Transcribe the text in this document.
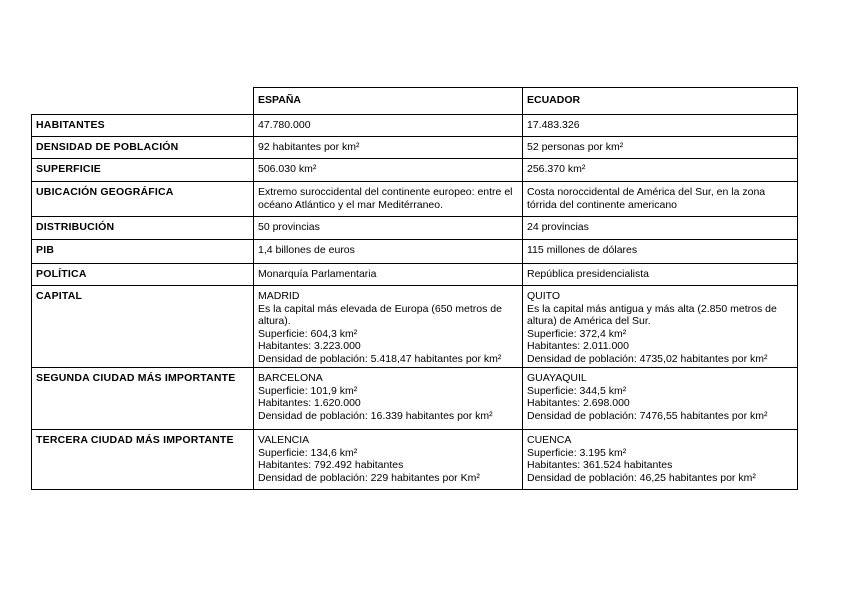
	ESPAÑA	ECUADOR
HABITANTES	47.780.000	17.483.326
DENSIDAD DE POBLACIÓN	92 habitantes por km²	52 personas por km²
SUPERFICIE	506.030 km²	256.370 km²
UBICACIÓN GEOGRÁFICA	Extremo suroccidental del continente europeo: entre el océano Atlántico y el mar Meditérraneo.	Costa noroccidental de América del Sur, en la zona tórrida del continente americano
DISTRIBUCIÓN	50 provincias	24 provincias
PIB	1,4 billones de euros	115 millones de dólares
POLÍTICA	Monarquía Parlamentaria	República presidencialista
CAPITAL	MADRID
Es la capital más elevada de Europa (650 metros de altura).
Superficie: 604,3 km²
Habitantes: 3.223.000
Densidad de población: 5.418,47 habitantes por km²	QUITO
Es la capital más antigua y más alta (2.850 metros de altura) de América del Sur.
Superficie: 372,4 km²
Habitantes: 2.011.000
Densidad de población: 4735,02 habitantes por km²

SEGUNDA CIUDAD MÁS IMPORTANTE	BARCELONA
Superficie: 101,9 km²
Habitantes: 1.620.000
Densidad de población: 16.339 habitantes por km²	GUAYAQUIL
Superficie: 344,5 km²
Habitantes: 2.698.000
Densidad de población: 7476,55 habitantes por km²

TERCERA CIUDAD MÁS IMPORTANTE	VALENCIA
Superficie: 134,6 km²
Habitantes: 792.492 habitantes
Densidad de población: 229 habitantes por Km²	CUENCA
Superficie: 3.195 km²
Habitantes: 361.524 habitantes
Densidad de población: 46,25 habitantes por km²
